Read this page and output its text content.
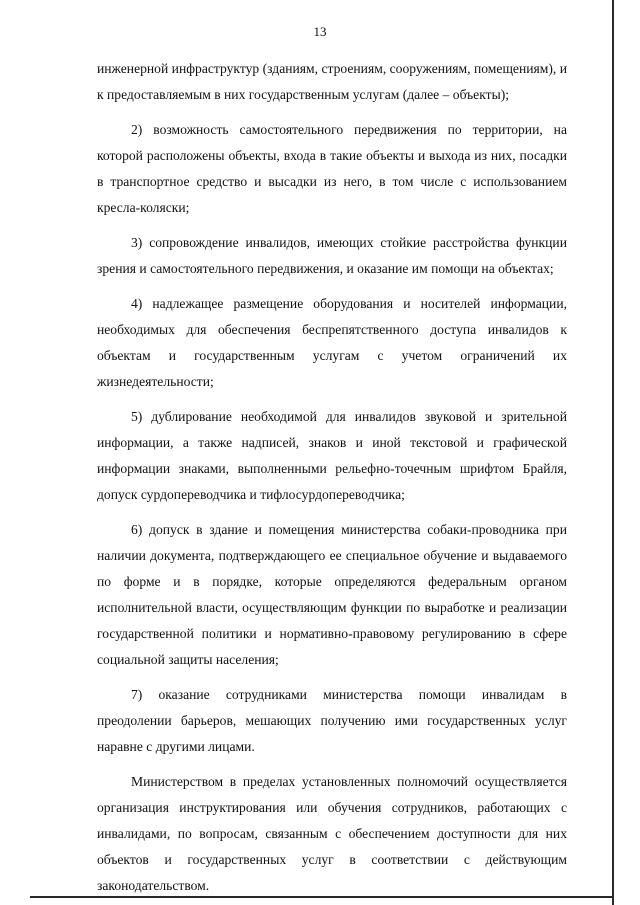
13

инженерной инфраструктур (зданиям, строениям, сооружениям, помещениям), и к предоставляемым в них государственным услугам (далее – объекты);

2) возможность самостоятельного передвижения по территории, на которой расположены объекты, входа в такие объекты и выхода из них, посадки в транспортное средство и высадки из него, в том числе с использованием кресла-коляски;

3) сопровождение инвалидов, имеющих стойкие расстройства функции зрения и самостоятельного передвижения, и оказание им помощи на объектах;

4) надлежащее размещение оборудования и носителей информации, необходимых для обеспечения беспрепятственного доступа инвалидов к объектам и государственным услугам с учетом ограничений их жизнедеятельности;

5) дублирование необходимой для инвалидов звуковой и зрительной информации, а также надписей, знаков и иной текстовой и графической информации знаками, выполненными рельефно-точечным шрифтом Брайля, допуск сурдопереводчика и тифлосурдопереводчика;

6) допуск в здание и помещения министерства собаки-проводника при наличии документа, подтверждающего ее специальное обучение и выдаваемого по форме и в порядке, которые определяются федеральным органом исполнительной власти, осуществляющим функции по выработке и реализации государственной политики и нормативно-правовому регулированию в сфере социальной защиты населения;

7) оказание сотрудниками министерства помощи инвалидам в преодолении барьеров, мешающих получению ими государственных услуг наравне с другими лицами.

Министерством в пределах установленных полномочий осуществляется организация инструктирования или обучения сотрудников, работающих с инвалидами, по вопросам, связанным с обеспечением доступности для них объектов и государственных услуг в соответствии с действующим законодательством.
